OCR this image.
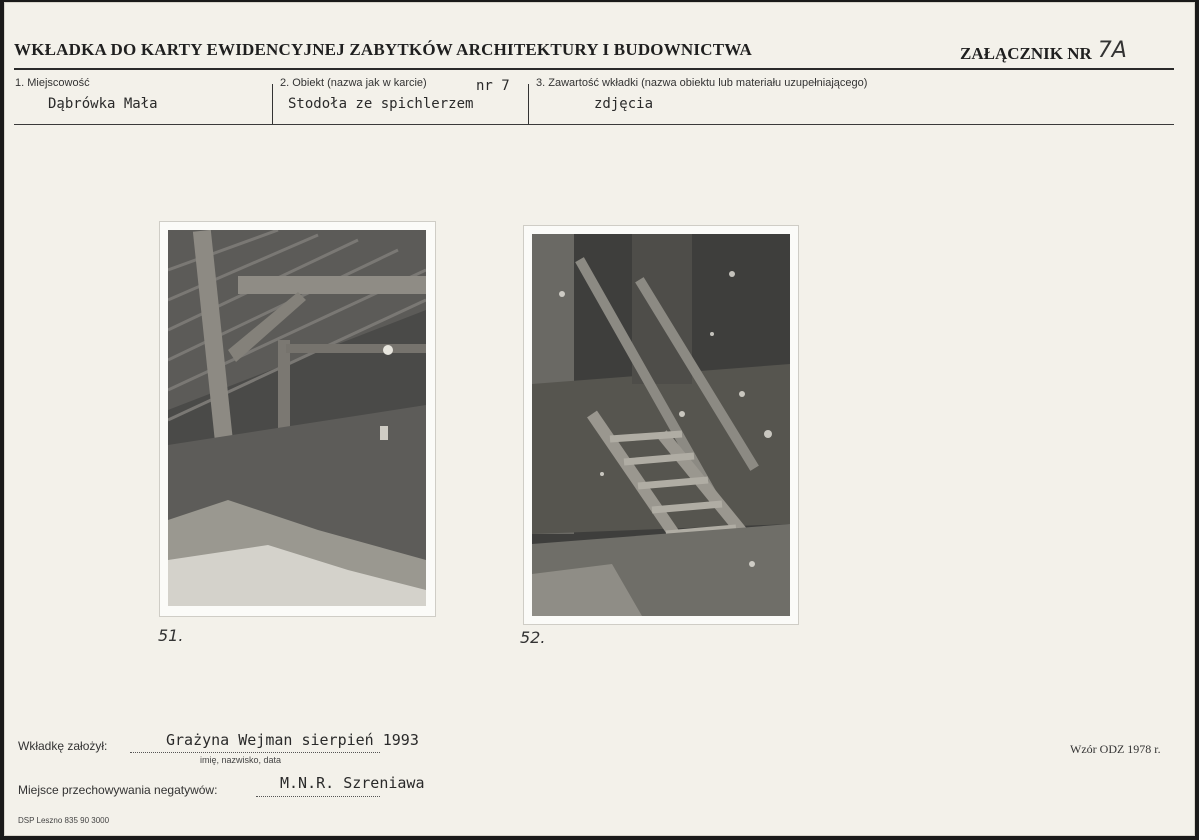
WKŁADKA DO KARTY EWIDENCYJNEJ ZABYTKÓW ARCHITEKTURY I BUDOWNICTWA	ZAŁĄCZNIK NR 7A
1. Miejscowość
Dąbrówka Mała
2. Obiekt (nazwa jak w karcie)	nr 7
Stodoła ze spichlerzem
3. Zawartość wkładki (nazwa obiektu lub materiału uzupełniającego)
zdjęcia
51.	52.
Wkładkę założył:	Grażyna Wejman sierpień 1993
imię, nazwisko, data
Miejsce przechowywania negatywów:	M.N.R. Szreniawa
Wzór ODZ 1978 r.
DSP Leszno 835 90 3000
